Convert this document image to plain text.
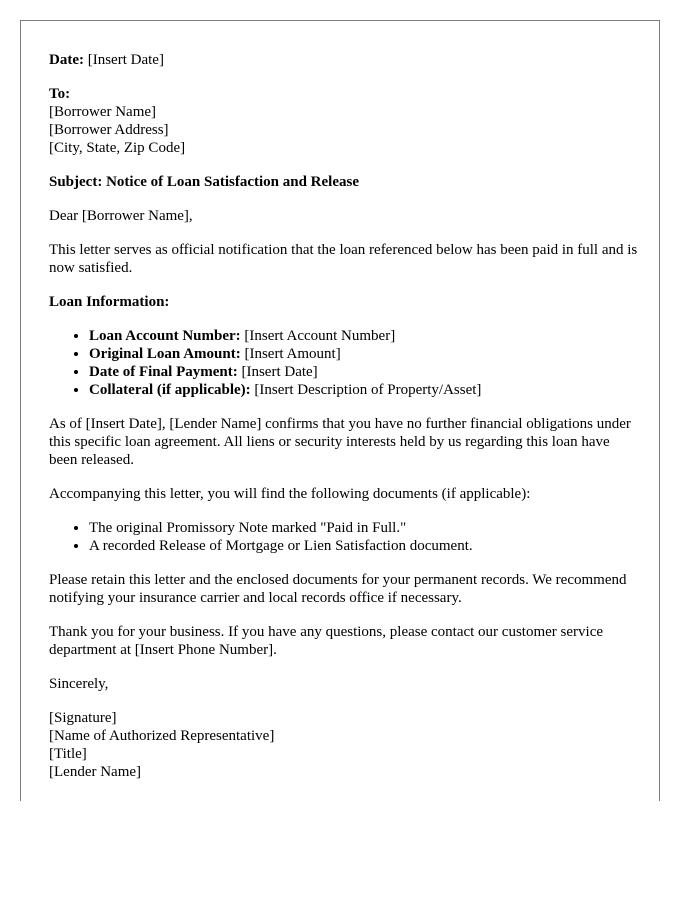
Date: [Insert Date]

To:
[Borrower Name]
[Borrower Address]
[City, State, Zip Code]

Subject: Notice of Loan Satisfaction and Release

Dear [Borrower Name],

This letter serves as official notification that the loan referenced below has been paid in full and is now satisfied.

Loan Information:

• Loan Account Number: [Insert Account Number]
• Original Loan Amount: [Insert Amount]
• Date of Final Payment: [Insert Date]
• Collateral (if applicable): [Insert Description of Property/Asset]

As of [Insert Date], [Lender Name] confirms that you have no further financial obligations under this specific loan agreement. All liens or security interests held by us regarding this loan have been released.

Accompanying this letter, you will find the following documents (if applicable):

• The original Promissory Note marked "Paid in Full."
• A recorded Release of Mortgage or Lien Satisfaction document.

Please retain this letter and the enclosed documents for your permanent records. We recommend notifying your insurance carrier and local records office if necessary.

Thank you for your business. If you have any questions, please contact our customer service department at [Insert Phone Number].

Sincerely,

[Signature]
[Name of Authorized Representative]
[Title]
[Lender Name]
